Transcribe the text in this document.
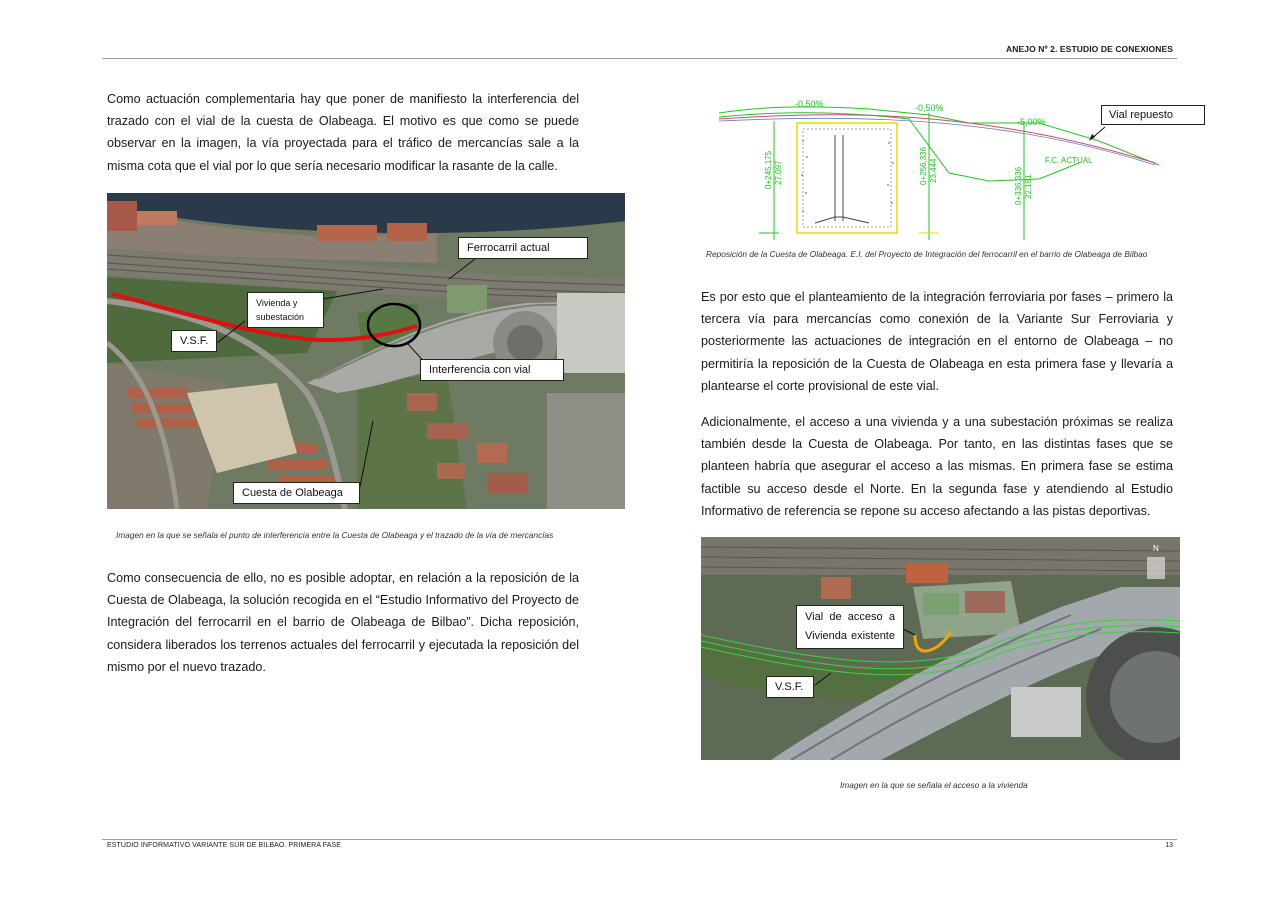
ANEJO Nº 2. ESTUDIO DE CONEXIONES

Como actuación complementaria hay que poner de manifiesto la interferencia del trazado con el vial de la cuesta de Olabeaga. El motivo es que como se puede observar en la imagen, la vía proyectada para el tráfico de mercancías sale a la misma cota que el vial por lo que sería necesario modificar la rasante de la calle.

Ferrocarril actual
Vivienda y subestación
V.S.F.
Interferencia con vial
Cuesta de Olabeaga
Imagen en la que se señala el punto de interferencia entre la Cuesta de Olabeaga y el trazado de la vía de mercancías

Como consecuencia de ello, no es posible adoptar, en relación a la reposición de la Cuesta de Olabeaga, la solución recogida en el “Estudio Informativo del Proyecto de Integración del ferrocarril en el barrio de Olabeaga de Bilbao”. Dicha reposición, considera liberados los terrenos actuales del ferrocarril y ejecutada la reposición del mismo por el nuevo trazado.

-0,50%	-0,50%
-5,00%
F.C. ACTUAL
0+245,175 27,097	0+256,336 23,444	0+336,336 22,181
Vial repuesto
Reposición de la Cuesta de Olabeaga. E.I. del Proyecto de Integración del ferrocarril en el barrio de Olabeaga de Bilbao

Es por esto que el planteamiento de la integración ferroviaria por fases – primero la tercera vía para mercancías como conexión de la Variante Sur Ferroviaria y posteriormente las actuaciones de integración en el entorno de Olabeaga – no permitiría la reposición de la Cuesta de Olabeaga en esta primera fase y llevaría a plantearse el corte provisional de este vial.

Adicionalmente, el acceso a una vivienda y a una subestación próximas se realiza también desde la Cuesta de Olabeaga. Por tanto, en las distintas fases que se planteen habría que asegurar el acceso a las mismas. En primera fase se estima factible su acceso desde el Norte. En la segunda fase y atendiendo al Estudio Informativo de referencia se repone su acceso afectando a las pistas deportivas.

N
Vial de acceso a Vivienda existente
V.S.F.
Imagen en la que se señala el acceso a la vivienda
ESTUDIO INFORMATIVO VARIANTE SUR DE BILBAO. PRIMERA FASE	13
